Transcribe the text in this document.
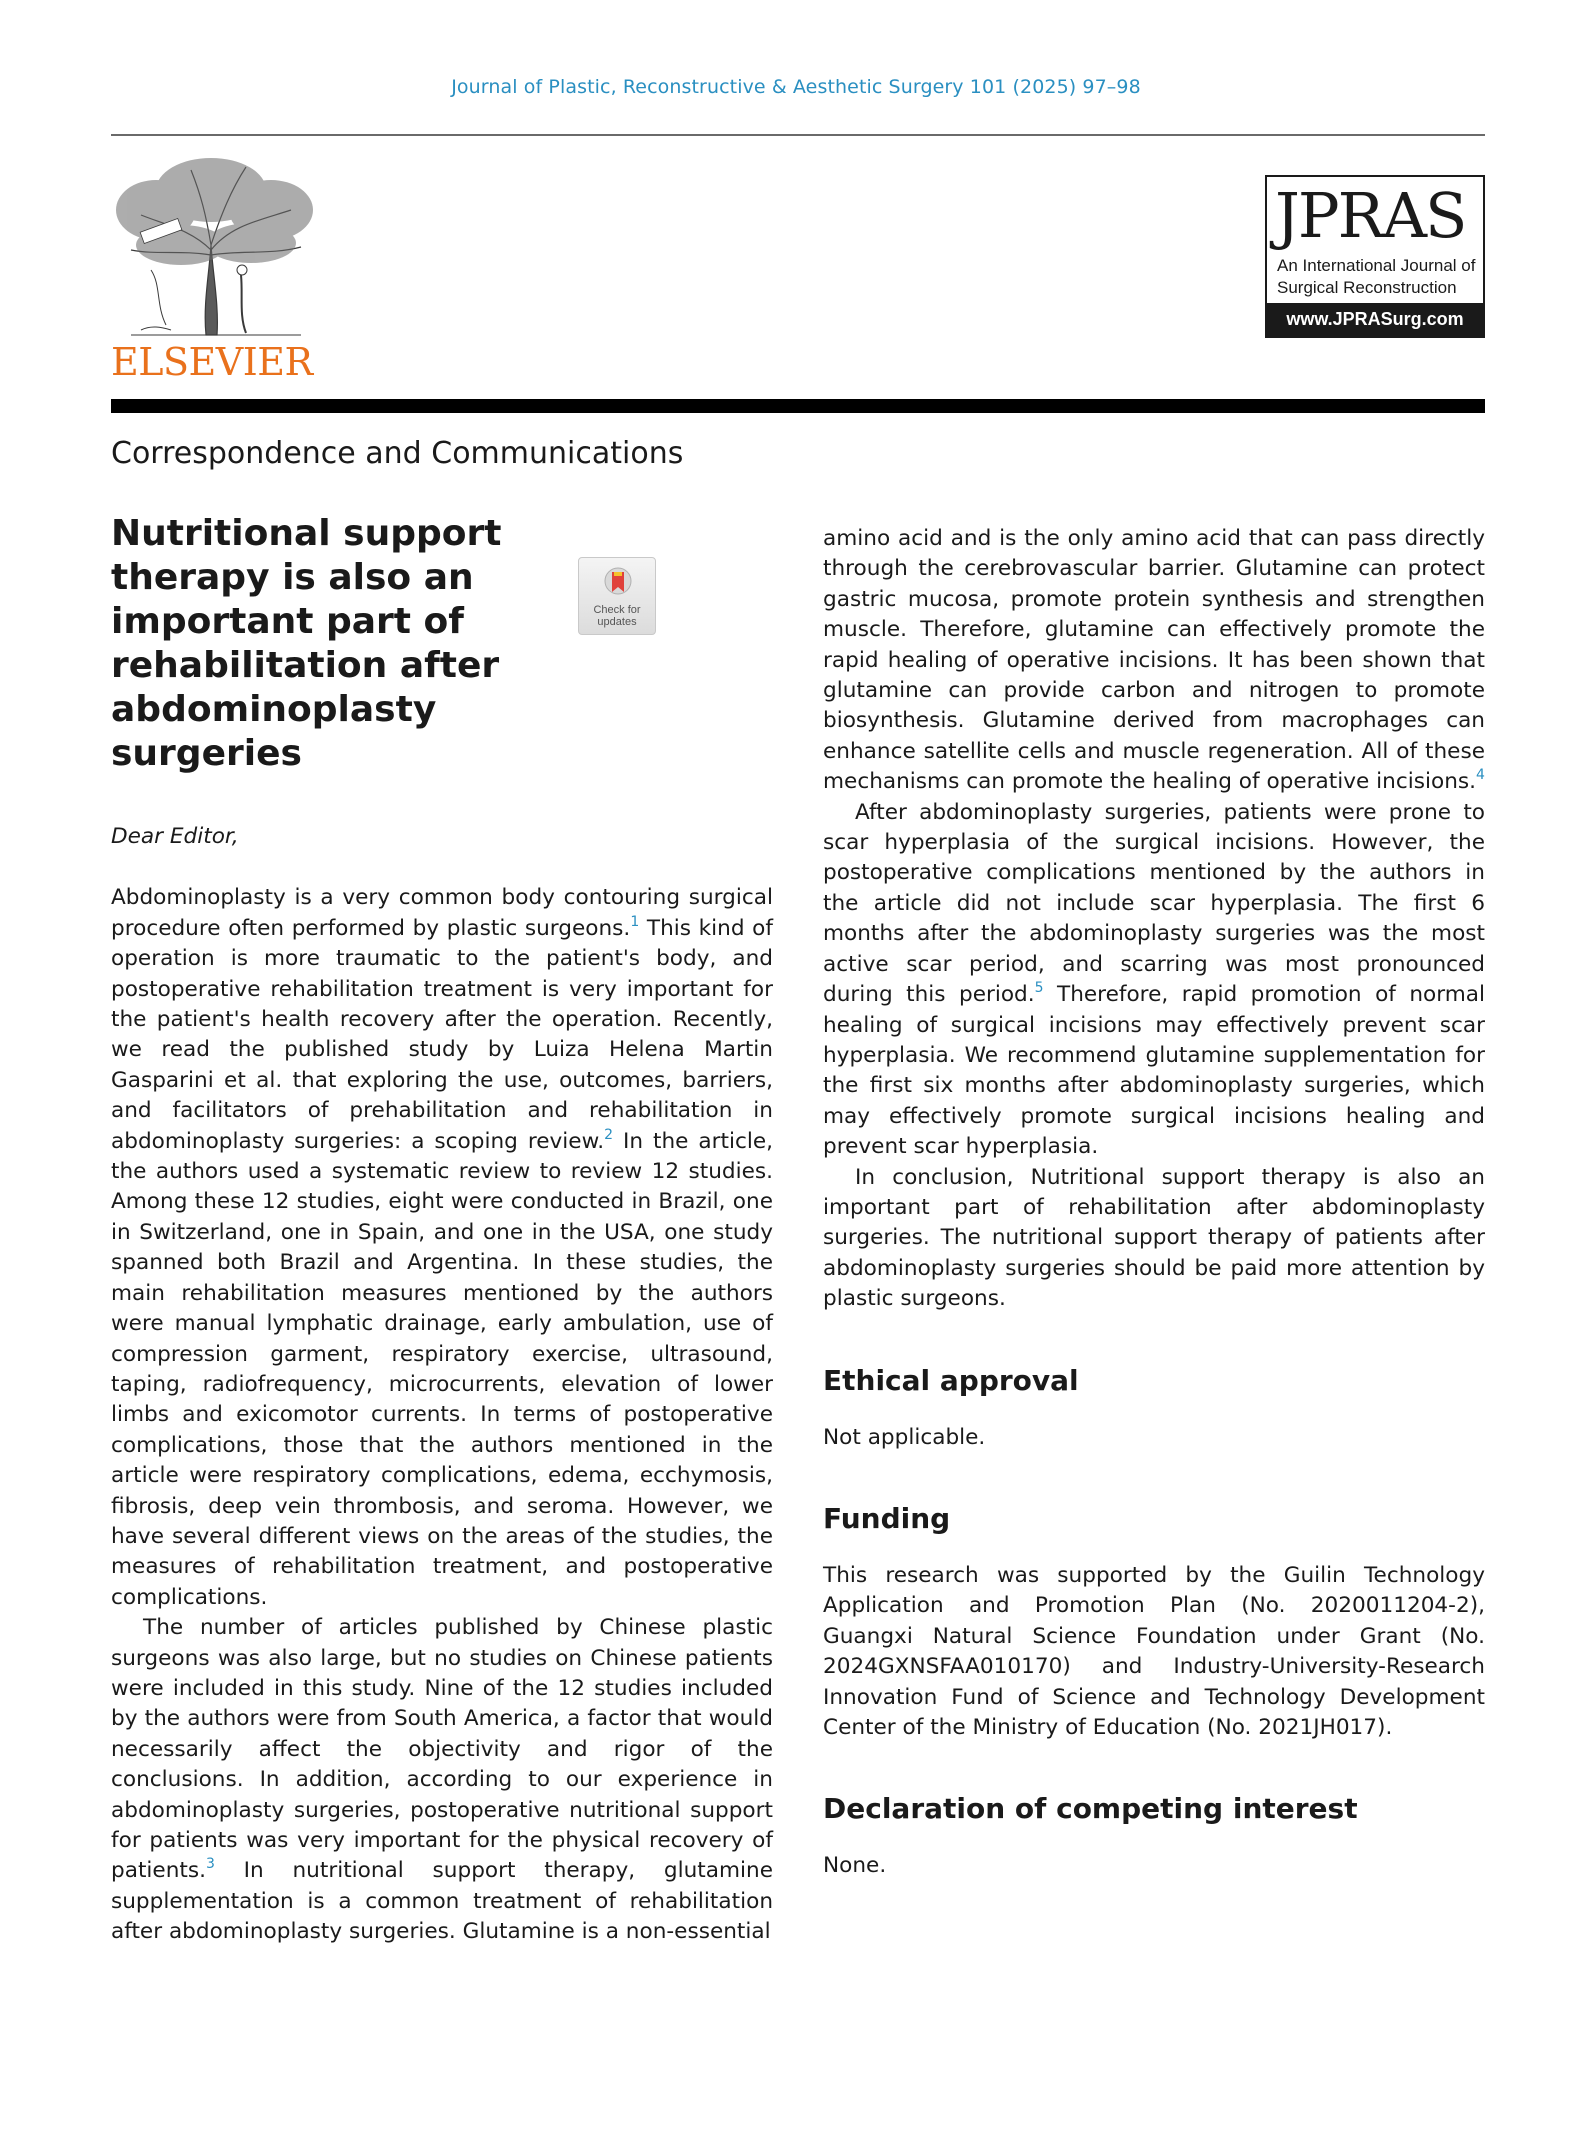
Journal of Plastic, Reconstructive & Aesthetic Surgery 101 (2025) 97–98
ELSEVIER
JPRAS
An International Journal of
Surgical Reconstruction
www.JPRASurg.com
Correspondence and Communications
Nutritional support therapy is also an important part of rehabilitation after abdominoplasty surgeries
Check for
updates

Dear Editor,

Abdominoplasty is a very common body contouring surgical procedure often performed by plastic surgeons.$^1$ This kind of operation is more traumatic to the patient's body, and postoperative rehabilitation treatment is very important for the patient's health recovery after the operation. Recently, we read the published study by Luiza Helena Martin Gasparini et al. that exploring the use, outcomes, barriers, and facilitators of prehabilitation and rehabilitation in abdominoplasty surgeries: a scoping review.$^2$ In the article, the authors used a systematic review to review 12 studies. Among these 12 studies, eight were conducted in Brazil, one in Switzerland, one in Spain, and one in the USA, one study spanned both Brazil and Argentina. In these studies, the main rehabilitation measures mentioned by the authors were manual lymphatic drainage, early ambulation, use of compression garment, respiratory exercise, ultrasound, taping, radiofrequency, microcurrents, elevation of lower limbs and exicomotor currents. In terms of postoperative complications, those that the authors mentioned in the article were respiratory complications, edema, ecchymosis, fibrosis, deep vein thrombosis, and seroma. However, we have several different views on the areas of the studies, the measures of rehabilitation treatment, and postoperative complications.

The number of articles published by Chinese plastic surgeons was also large, but no studies on Chinese patients were included in this study. Nine of the 12 studies included by the authors were from South America, a factor that would necessarily affect the objectivity and rigor of the conclusions. In addition, according to our experience in abdominoplasty surgeries, postoperative nutritional support for patients was very important for the physical recovery of patients.$^3$ In nutritional support therapy, glutamine supplementation is a common treatment of rehabilitation after abdominoplasty surgeries. Glutamine is a non-essential

amino acid and is the only amino acid that can pass directly through the cerebrovascular barrier. Glutamine can protect gastric mucosa, promote protein synthesis and strengthen muscle. Therefore, glutamine can effectively promote the rapid healing of operative incisions. It has been shown that glutamine can provide carbon and nitrogen to promote biosynthesis. Glutamine derived from macrophages can enhance satellite cells and muscle regeneration. All of these mechanisms can promote the healing of operative incisions.$^4$

After abdominoplasty surgeries, patients were prone to scar hyperplasia of the surgical incisions. However, the postoperative complications mentioned by the authors in the article did not include scar hyperplasia. The first 6 months after the abdominoplasty surgeries was the most active scar period, and scarring was most pronounced during this period.$^5$ Therefore, rapid promotion of normal healing of surgical incisions may effectively prevent scar hyperplasia. We recommend glutamine supplementation for the first six months after abdominoplasty surgeries, which may effectively promote surgical incisions healing and prevent scar hyperplasia.

In conclusion, Nutritional support therapy is also an important part of rehabilitation after abdominoplasty surgeries. The nutritional support therapy of patients after abdominoplasty surgeries should be paid more attention by plastic surgeons.

Ethical approval

Not applicable.

Funding

This research was supported by the Guilin Technology Application and Promotion Plan (No. 2020011204-2), Guangxi Natural Science Foundation under Grant (No. 2024GXNSFAA010170) and Industry-University-Research Innovation Fund of Science and Technology Development Center of the Ministry of Education (No. 2021JH017).

Declaration of competing interest

None.
